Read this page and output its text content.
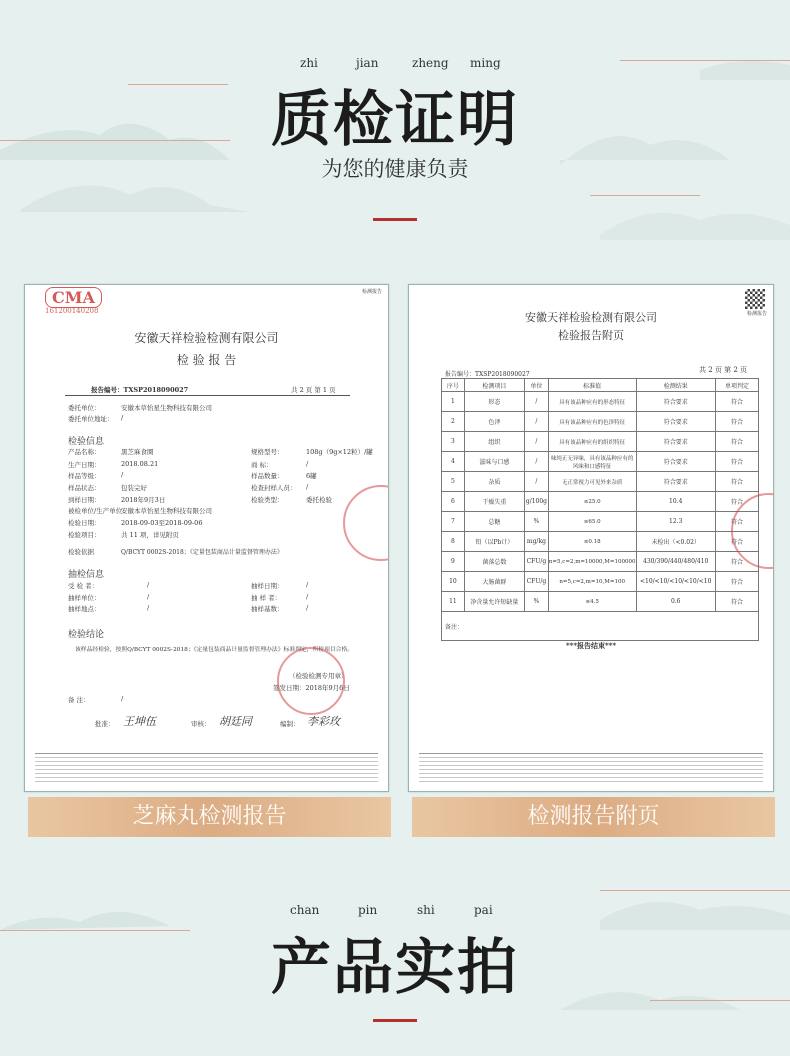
zhi	jian	zheng ming
质检证明
为您的健康负责
CMA
161200140208
检测报告
安徽天祥检验检测有限公司
检 验 报 告
报告编号：TXSP2018090027	共 2 页 第 1 页
委托单位：	安徽本草怡星生物科技有限公司
委托单位地址： /
检验信息
产品名称：	黑芝麻食圈	规格型号：	108g（9g×12粒）/罐
生产日期：	2018.08.21	商 标：	/
样品等级：	/	样品数量：	6罐
样品状态：	包装完好	检查封样人员： /
到样日期：	2018年9月3日	检验类型：	委托检验
被检单位/生产单位：
安徽本草怡星生物科技有限公司
检验日期：	2018-09-03至2018-09-06
检验项目：	共 11 项，详见附页
检验依据	Q/BCYT 0002S-2018；《定量包装商品计量监督管理办法》
抽检信息
受 检 者：	/	抽样日期：	/
抽样单位：	/	抽 样 者：	/
抽样地点：	/	抽样基数：	/
检验结论
该样品经检验，按照Q/BCYT 0002S-2018；《定量包装商品计量监督管理办法》标准判定，所检项目合格。
（检验检测专用章）
签发日期：2018年9月6日
备 注：	/
批准： 王坤伍	审核： 胡廷同	编制： 李彩玫
检测报告
安徽天祥检验检测有限公司
检验报告附页
报告编号：TXSP2018090027
共 2 页 第 2 页
序号	检测项目	单位	标准值	检测结果	单项判定
1	形态	/	具有该品种应有的形态特征	符合要求	符合
2	色泽	/	具有该品种应有的色泽特征	符合要求	符合
3	组织	/	具有该品种应有的组织特征	符合要求	符合
4	滋味与口感	/	味纯正无异味，具有该品种应有的风味和口感特征	符合要求	符合
5	杂质	/	无正常视力可见外来杂质	符合要求	符合
6	干燥失重	g/100g	≤25.0	10.4	符合
7	总糖	%	≤65.0	12.3	符合
8	铅（以Pb计）	mg/kg	≤0.18	未检出（<0.02）	符合
9	菌落总数	CFU/g	n=5,c=2,m=10000,M=100000	430/390/440/480/410	符合
10	大肠菌群	CFU/g	n=5,c=2,m=10,M=100	<10/<10/<10/<10/<10	符合
11	净含量允许短缺量	%	≤4.5	0.6	符合
备注：					
***报告结束***
芝麻丸检测报告	检测报告附页
chan	pin	shi	pai
产品实拍
